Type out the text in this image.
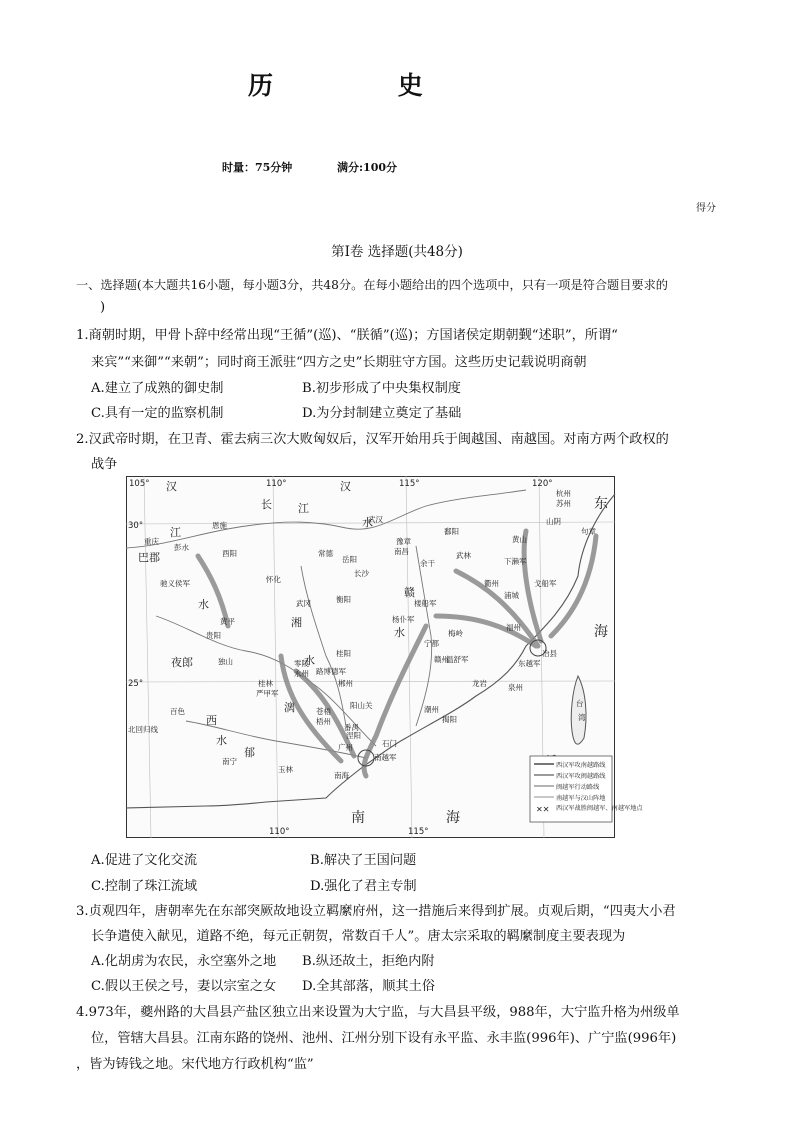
历 史
时量：75分钟	满分:100分
得分
第Ⅰ卷 选择题(共48分)
一、选择题(本大题共16小题，每小题3分，共48分。在每小题给出的四个选项中，只有一项是符合题目要求的
)
1.商朝时期，甲骨卜辞中经常出现“王循”(巡)、“朕循”(巡)；方国诸侯定期朝觐“述职”，所谓“
来宾”“来御”“来朝”；同时商王派驻“四方之史”长期驻守方国。这些历史记载说明商朝
A.建立了成熟的御史制	B.初步形成了中央集权制度
C.具有一定的监察机制	D.为分封制建立奠定了基础
2.汉武帝时期，在卫青、霍去病三次大败匈奴后，汉军开始用兵于闽越国、南越国。对南方两个政权的
战争
105°	110°	115°	120°
30°
25°
110°	115°
南	海
东
海
汉
长 江
巴郡
夜郎
汉
水
江
水
湘
水
漓
郁
西
水
赣
水
重庆
驰义侯军
黄平
贵阳
独山
百色
北回归线
南宁
玉林
桂林
严甲军
苍梧
梧州
番禺
广州
南海
石门
南越军
零陵
永州 路博德军
杨仆军
楼船军
温舒军
戈船军
下濑军
东越军
冶县
福州
武汉
长沙
豫章
南昌
余干
鄱阳
武林
梅岭
宁都
赣州
龙岩
揭阳
潮州
桂阳
郴州
阳山关
涅阳
泉州
台
湾
恩施
彭水
酉阳
岳阳
常德
衡阳
武冈
怀化
杭州
苏州
句章
山阴
黄山
衢州
浦城
✕✕
西汉军攻南越路线
西汉军攻闽越路线
闽越军行动路线
南越军与汉山阵地
西汉军战胜闽越军、南越军地点
A.促进了文化交流	B.解决了王国问题
C.控制了珠江流域	D.强化了君主专制
3.贞观四年，唐朝率先在东部突厥故地设立羁縻府州，这一措施后来得到扩展。贞观后期，“四夷大小君
长争遣使入献见，道路不绝，每元正朝贺，常数百千人”。唐太宗采取的羁縻制度主要表现为
A.化胡虏为农民，永空塞外之地 B.纵还故土，拒绝内附
C.假以王侯之号，妻以宗室之女 D.全其部落，顺其土俗
4.973年，夔州路的大昌县产盐区独立出来设置为大宁监，与大昌县平级，988年，大宁监升格为州级单
位，管辖大昌县。江南东路的饶州、池州、江州分别下设有永平监、永丰监(996年)、广宁监(996年)
，皆为铸钱之地。宋代地方行政机构“监”
